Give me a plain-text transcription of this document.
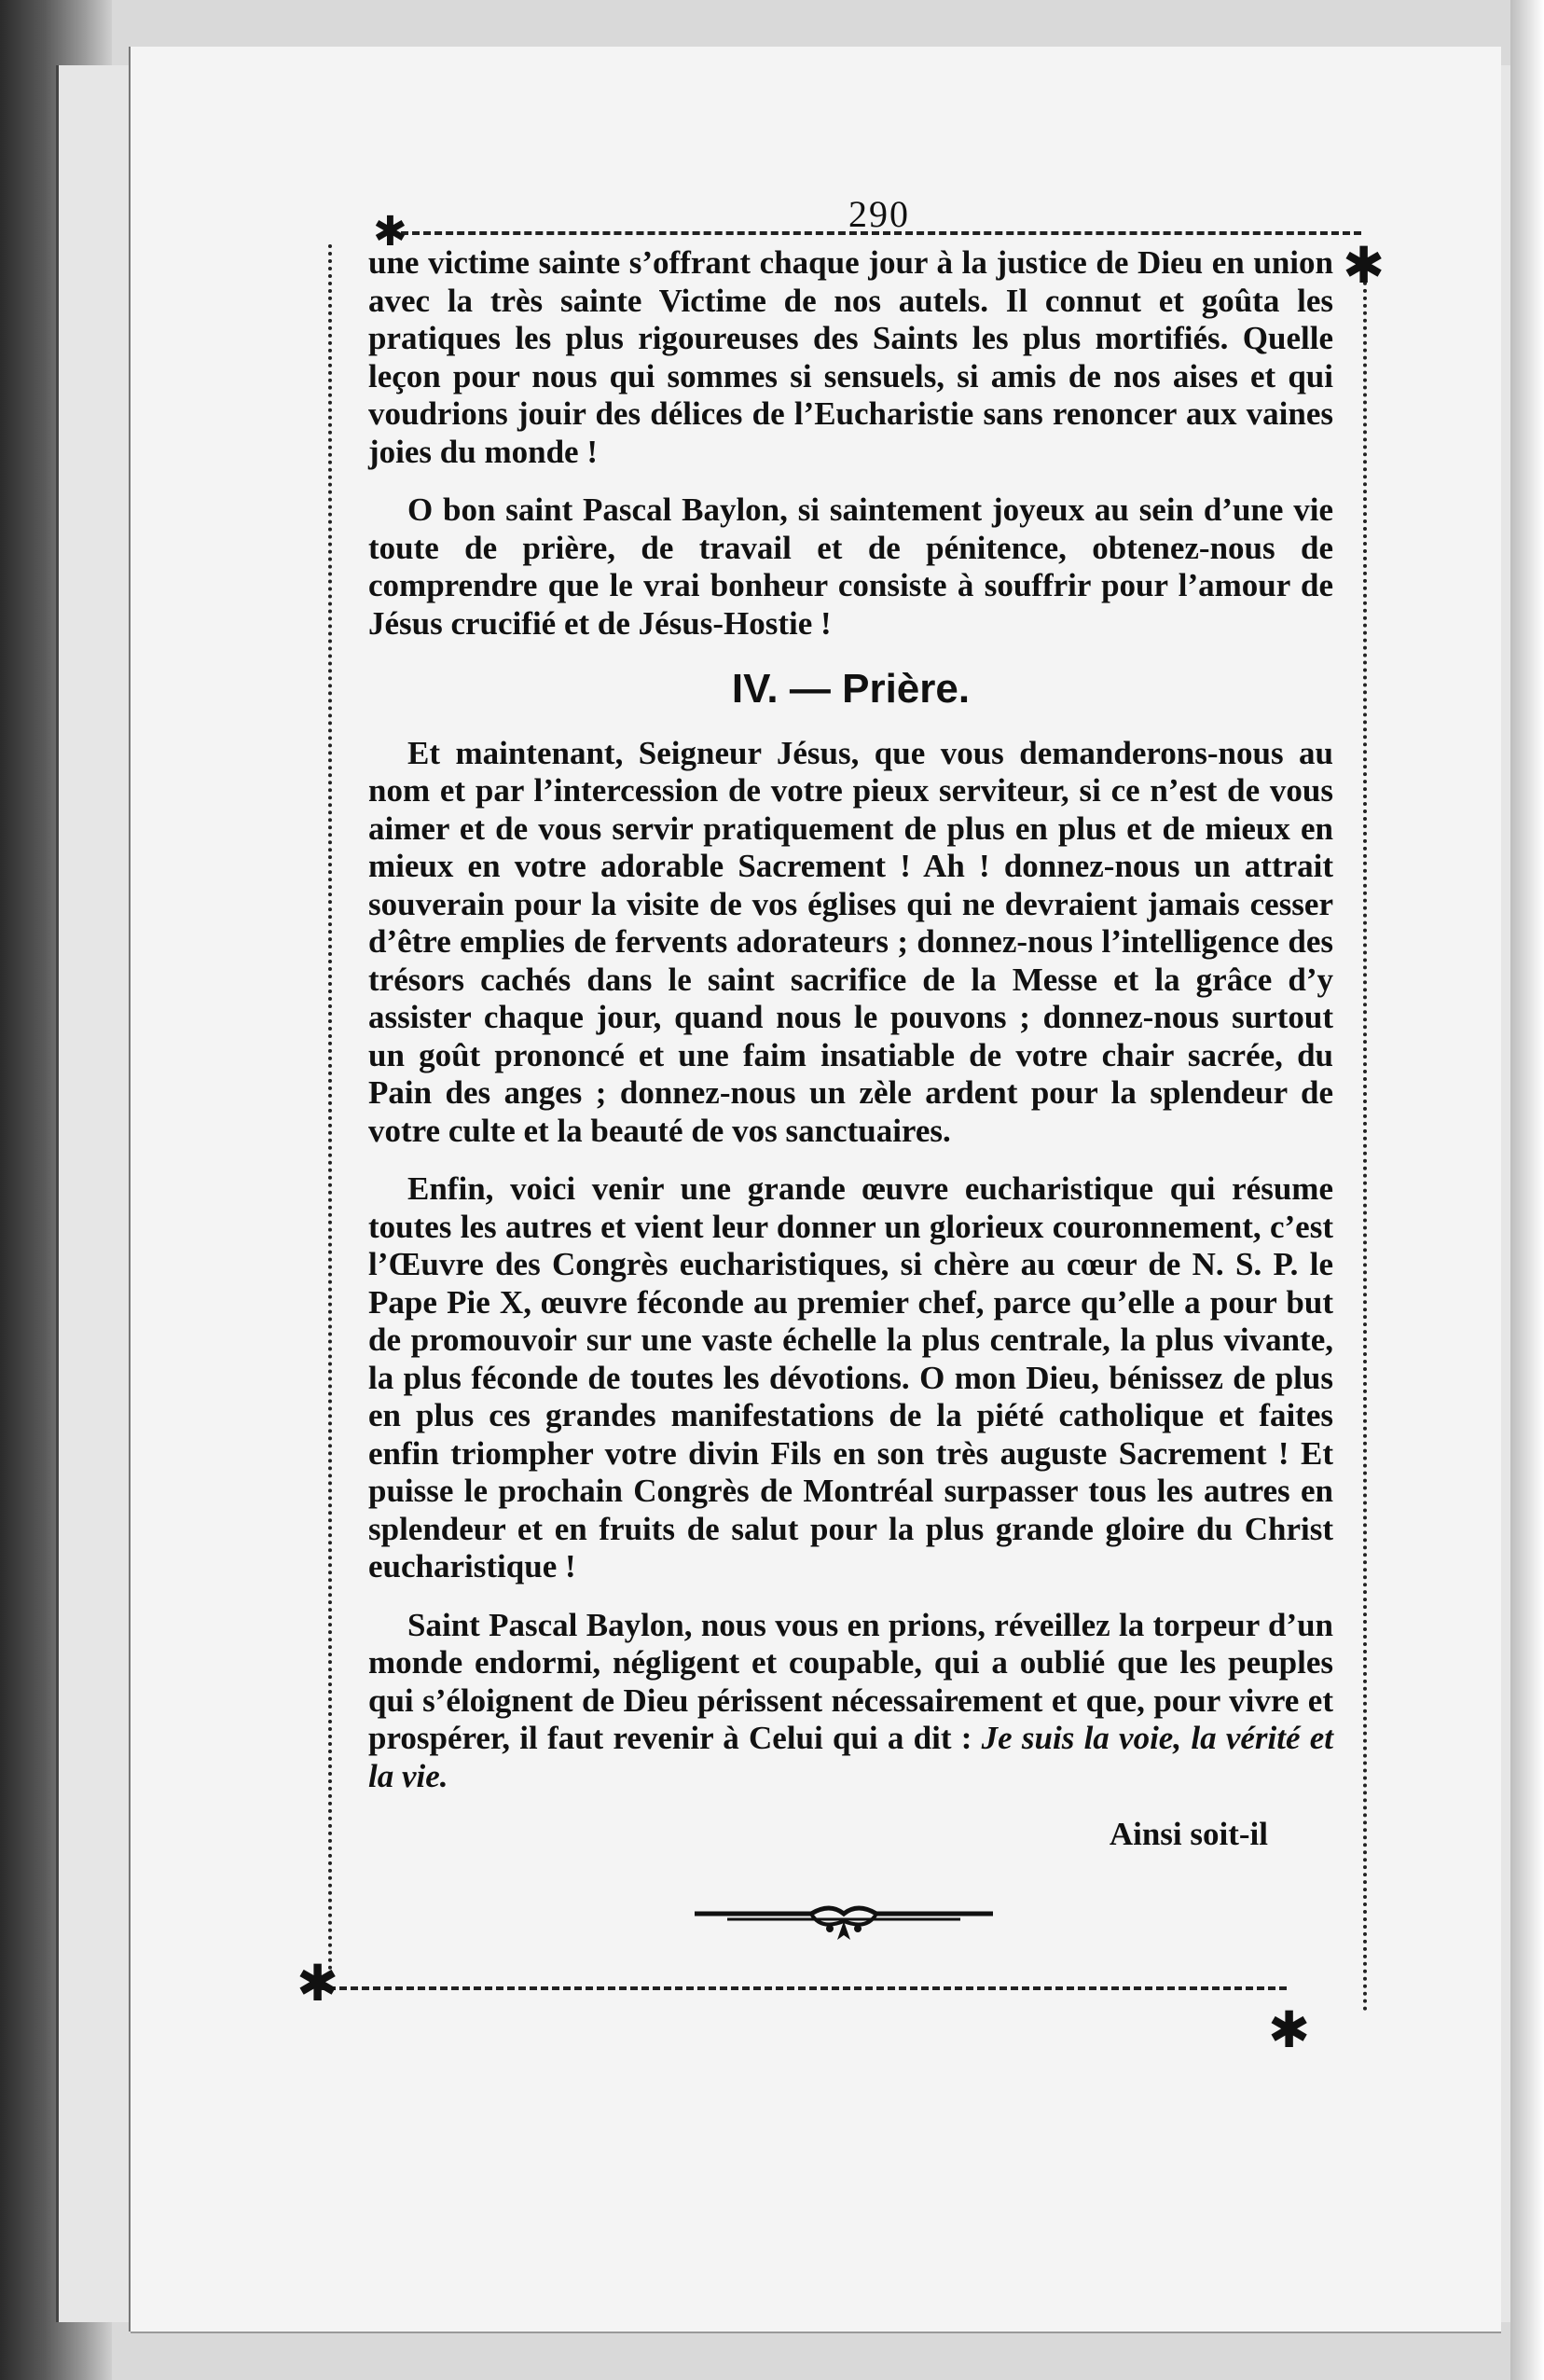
290
✱
✱
✱
✱

une victime sainte s’offrant chaque jour à la justice de Dieu en union avec la très sainte Victime de nos autels. Il connut et goûta les pratiques les plus rigoureuses des Saints les plus mortifiés. Quelle leçon pour nous qui sommes si sensuels, si amis de nos aises et qui voudrions jouir des délices de l’Eucharistie sans renoncer aux vaines joies du monde !

O bon saint Pascal Baylon, si saintement joyeux au sein d’une vie toute de prière, de travail et de pénitence, obtenez-nous de comprendre que le vrai bonheur consiste à souffrir pour l’amour de Jésus crucifié et de Jésus-Hostie !

IV. — Prière.

Et maintenant, Seigneur Jésus, que vous demanderons-nous au nom et par l’intercession de votre pieux serviteur, si ce n’est de vous aimer et de vous servir pratiquement de plus en plus et de mieux en mieux en votre adorable Sacrement ! Ah ! donnez-nous un attrait souverain pour la visite de vos églises qui ne devraient jamais cesser d’être emplies de fervents adorateurs ; donnez-nous l’intelligence des trésors cachés dans le saint sacrifice de la Messe et la grâce d’y assister chaque jour, quand nous le pouvons ; donnez-nous surtout un goût prononcé et une faim insatiable de votre chair sacrée, du Pain des anges ; donnez-nous un zèle ardent pour la splendeur de votre culte et la beauté de vos sanctuaires.

Enfin, voici venir une grande œuvre eucharistique qui résume toutes les autres et vient leur donner un glorieux couronnement, c’est l’Œuvre des Congrès eucharistiques, si chère au cœur de N. S. P. le Pape Pie X, œuvre féconde au premier chef, parce qu’elle a pour but de promouvoir sur une vaste échelle la plus centrale, la plus vivante, la plus féconde de toutes les dévotions. O mon Dieu, bénissez de plus en plus ces grandes manifestations de la piété catholique et faites enfin triompher votre divin Fils en son très auguste Sacrement ! Et puisse le prochain Congrès de Montréal surpasser tous les autres en splendeur et en fruits de salut pour la plus grande gloire du Christ eucharistique !

Saint Pascal Baylon, nous vous en prions, réveillez la torpeur d’un monde endormi, négligent et coupable, qui a oublié que les peuples qui s’éloignent de Dieu périssent nécessairement et que, pour vivre et prospérer, il faut revenir à Celui qui a dit : Je suis la voie, la vérité et la vie.

Ainsi soit-il
